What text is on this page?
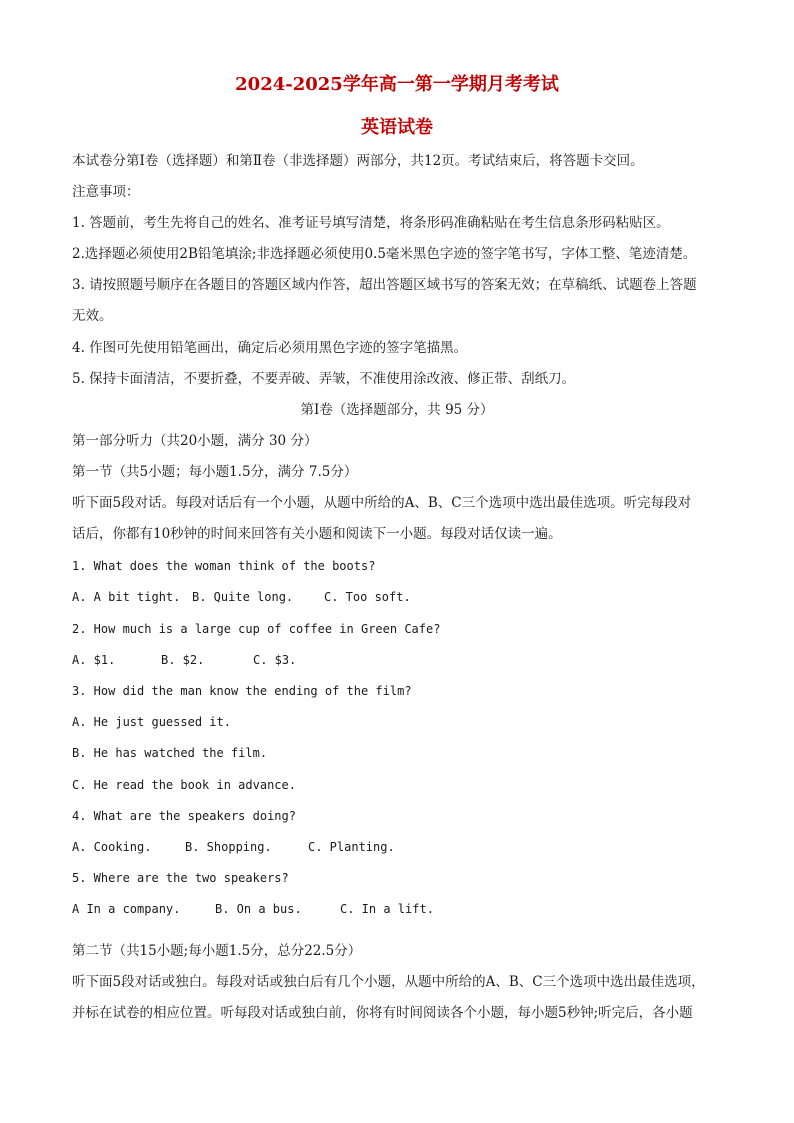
2024-2025学年高一第一学期月考考试
英语试卷
本试卷分第Ⅰ卷（选择题）和第Ⅱ卷（非选择题）两部分，共12页。考试结束后，将答题卡交回。
注意事项：
1. 答题前，考生先将自己的姓名、准考证号填写清楚，将条形码准确粘贴在考生信息条形码粘贴区。
2.选择题必须使用2B铅笔填涂;非选择题必须使用0.5毫米黑色字迹的签字笔书写，字体工整、笔迹清楚。
3. 请按照题号顺序在各题目的答题区域内作答，超出答题区域书写的答案无效；在草稿纸、试题卷上答题
无效。
4. 作图可先使用铅笔画出，确定后必须用黑色字迹的签字笔描黑。
5. 保持卡面清洁，不要折叠，不要弄破、弄皱，不准使用涂改液、修正带、刮纸刀。
第Ⅰ卷（选择题部分，共 95 分）
第一部分听力（共20小题，满分 30 分）
第一节（共5小题；每小题1.5分，满分 7.5分）
听下面5段对话。每段对话后有一个小题，从题中所给的A、B、C三个选项中选出最佳选项。听完每段对
话后，你都有10秒钟的时间来回答有关小题和阅读下一小题。每段对话仅读一遍。
1. What does the woman think of the boots?
A. A bit tight. B. Quite long.	C. Too soft.
2. How much is a large cup of coffee in Green Cafe?
A. $1.	B. $2.	C. $3.
3. How did the man know the ending of the film?
A. He just guessed it.
B. He has watched the film.
C. He read the book in advance.
4. What are the speakers doing?
A. Cooking.	B. Shopping.	C. Planting.
5. Where are the two speakers?
A In a company.	B. On a bus.	C. In a lift.
第二节（共15小题;每小题1.5分，总分22.5分）
听下面5段对话或独白。每段对话或独白后有几个小题，从题中所给的A、B、C三个选项中选出最佳选项，
并标在试卷的相应位置。听每段对话或独白前，你将有时间阅读各个小题，每小题5秒钟;听完后，各小题
